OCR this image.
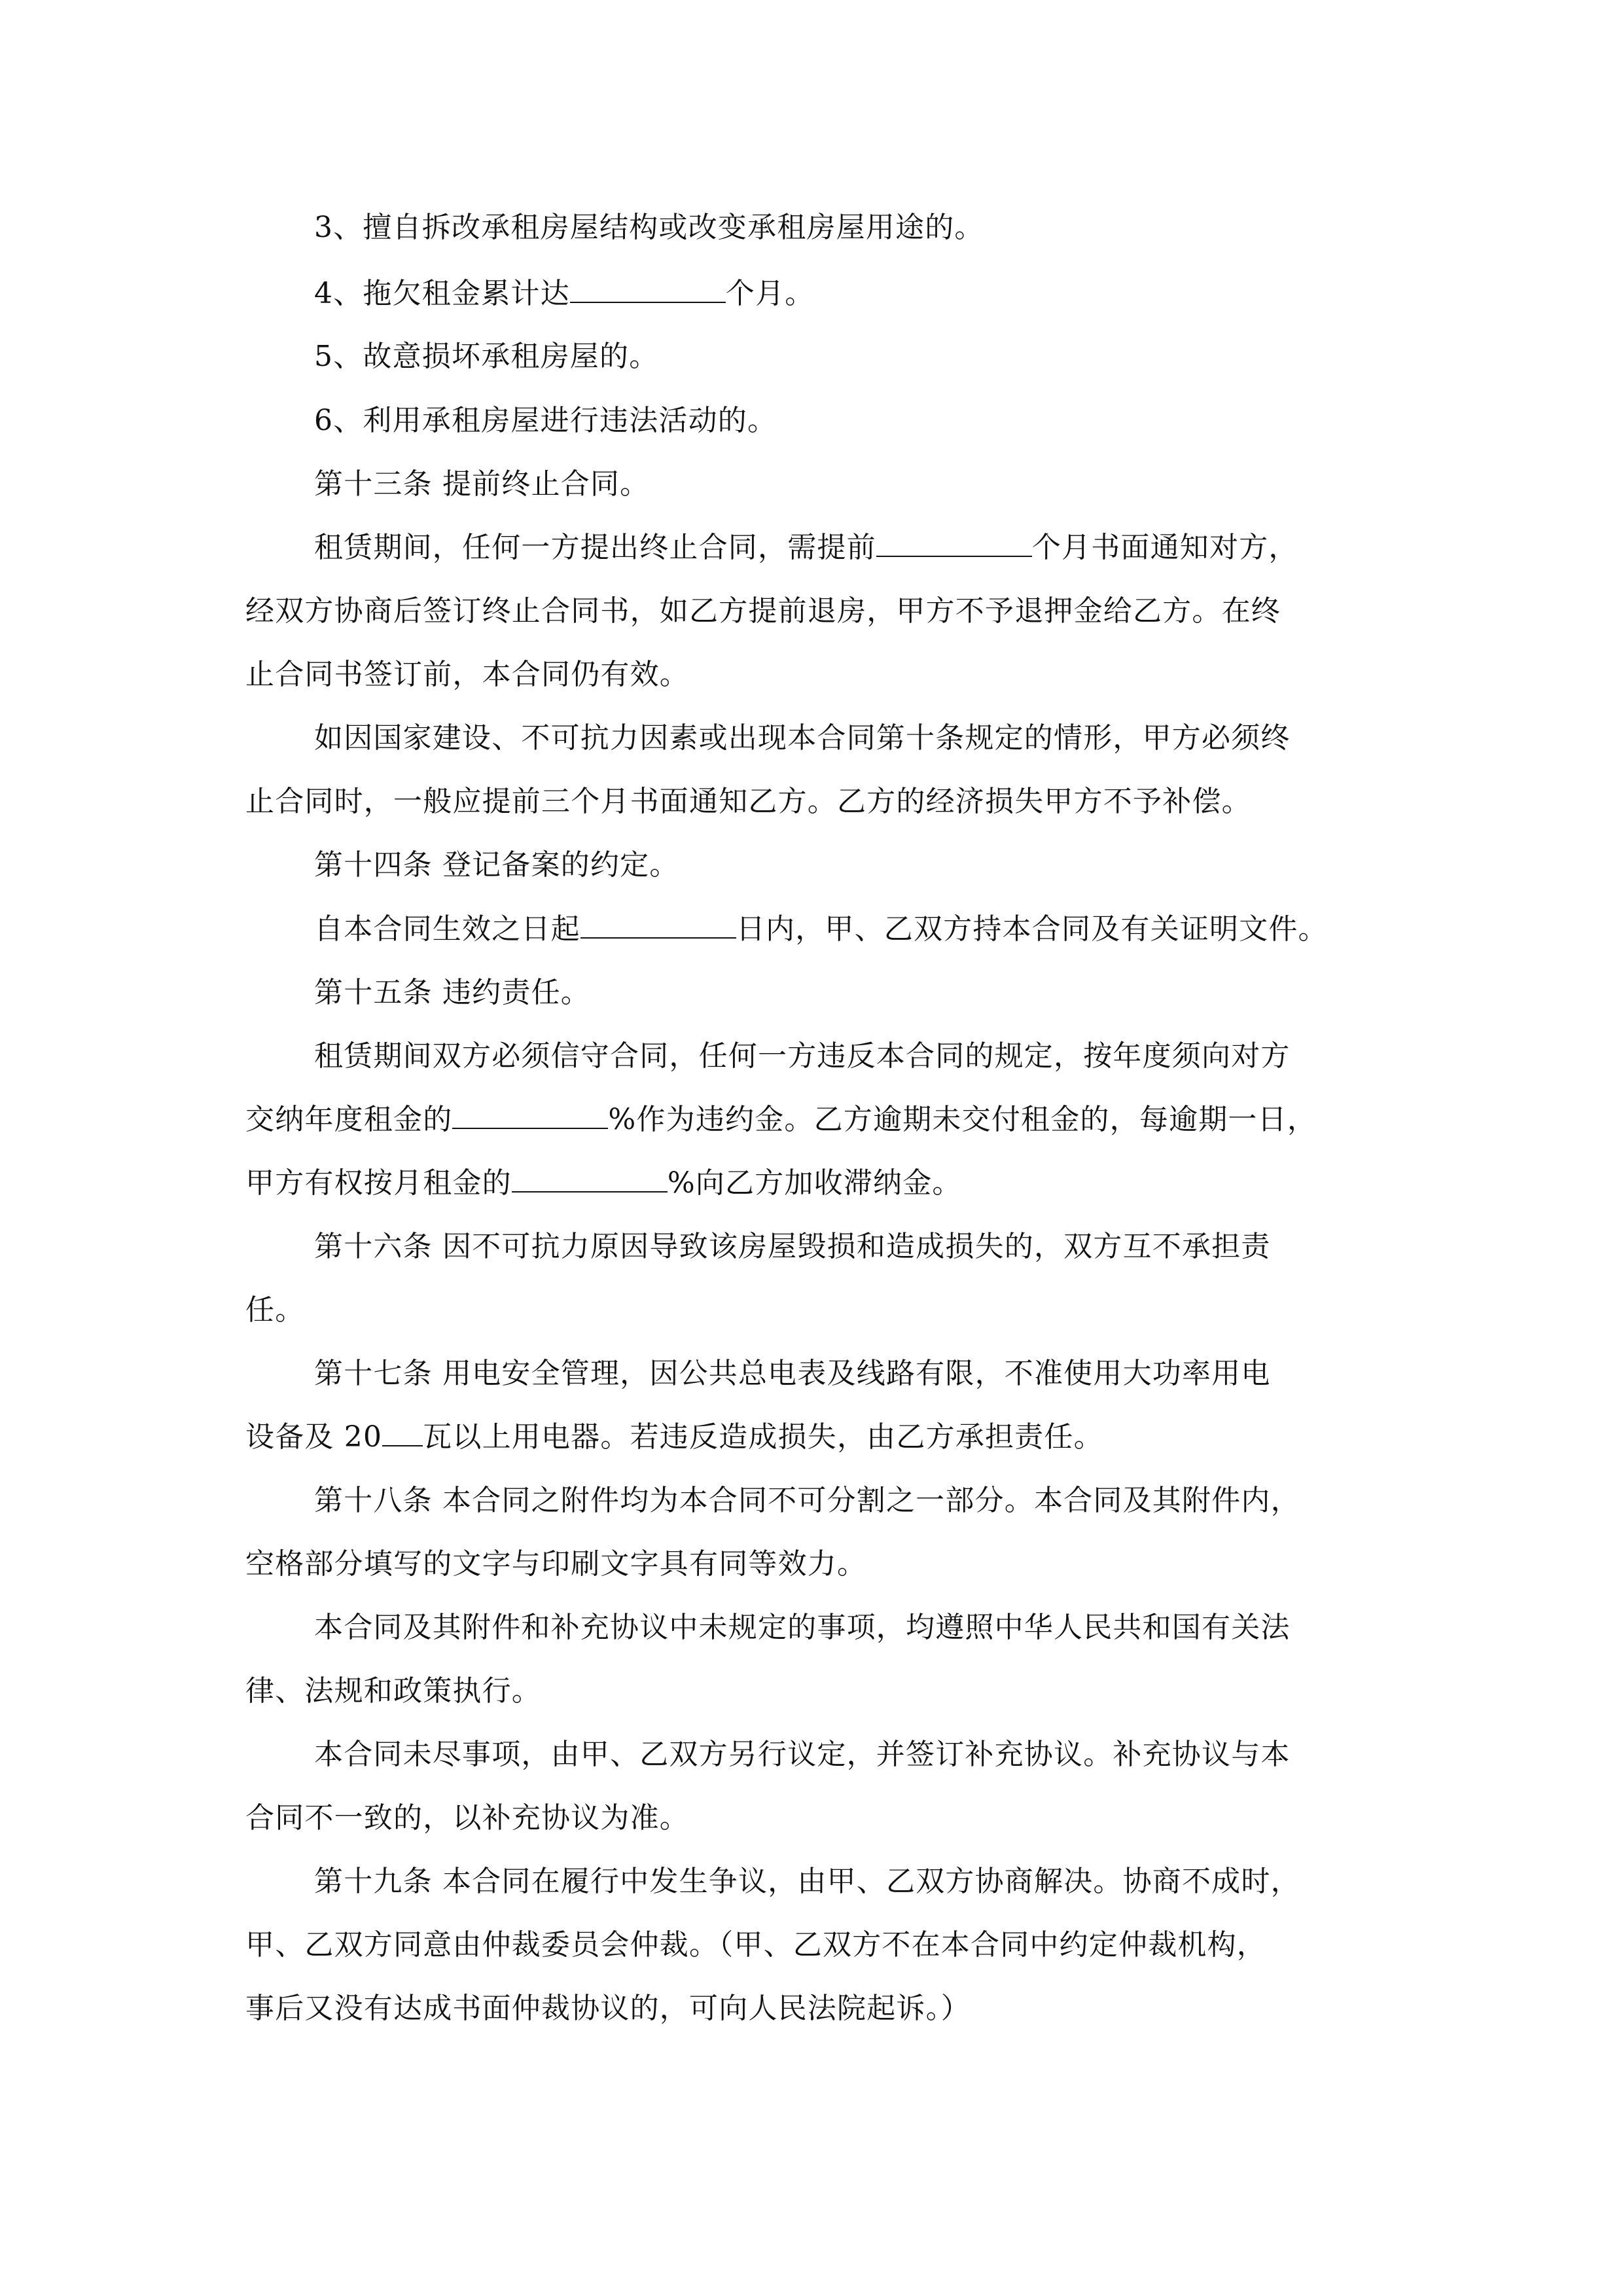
3、擅自拆改承租房屋结构或改变承租房屋用途的。
4、拖欠租金累计达	个月。
5、故意损坏承租房屋的。
6、利用承租房屋进行违法活动的。
第十三条 提前终止合同。
租赁期间，任何一方提出终止合同，需提前	个月书面通知对方，
经双方协商后签订终止合同书，如乙方提前退房，甲方不予退押金给乙方。在终
止合同书签订前，本合同仍有效。
如因国家建设、不可抗力因素或出现本合同第十条规定的情形，甲方必须终
止合同时，一般应提前三个月书面通知乙方。乙方的经济损失甲方不予补偿。
第十四条 登记备案的约定。
自本合同生效之日起	日内，甲、乙双方持本合同及有关证明文件。
第十五条 违约责任。
租赁期间双方必须信守合同，任何一方违反本合同的规定，按年度须向对方
交纳年度租金的	%作为违约金。乙方逾期未交付租金的，每逾期一日，
甲方有权按月租金的	%向乙方加收滞纳金。
第十六条 因不可抗力原因导致该房屋毁损和造成损失的，双方互不承担责
任。
第十七条 用电安全管理，因公共总电表及线路有限，不准使用大功率用电
设备及 20 瓦以上用电器。若违反造成损失，由乙方承担责任。
第十八条 本合同之附件均为本合同不可分割之一部分。本合同及其附件内，
空格部分填写的文字与印刷文字具有同等效力。
本合同及其附件和补充协议中未规定的事项，均遵照中华人民共和国有关法
律、法规和政策执行。
本合同未尽事项，由甲、乙双方另行议定，并签订补充协议。补充协议与本
合同不一致的，以补充协议为准。
第十九条 本合同在履行中发生争议，由甲、乙双方协商解决。协商不成时，
甲、乙双方同意由仲裁委员会仲裁。（甲、乙双方不在本合同中约定仲裁机构，
事后又没有达成书面仲裁协议的，可向人民法院起诉。）
